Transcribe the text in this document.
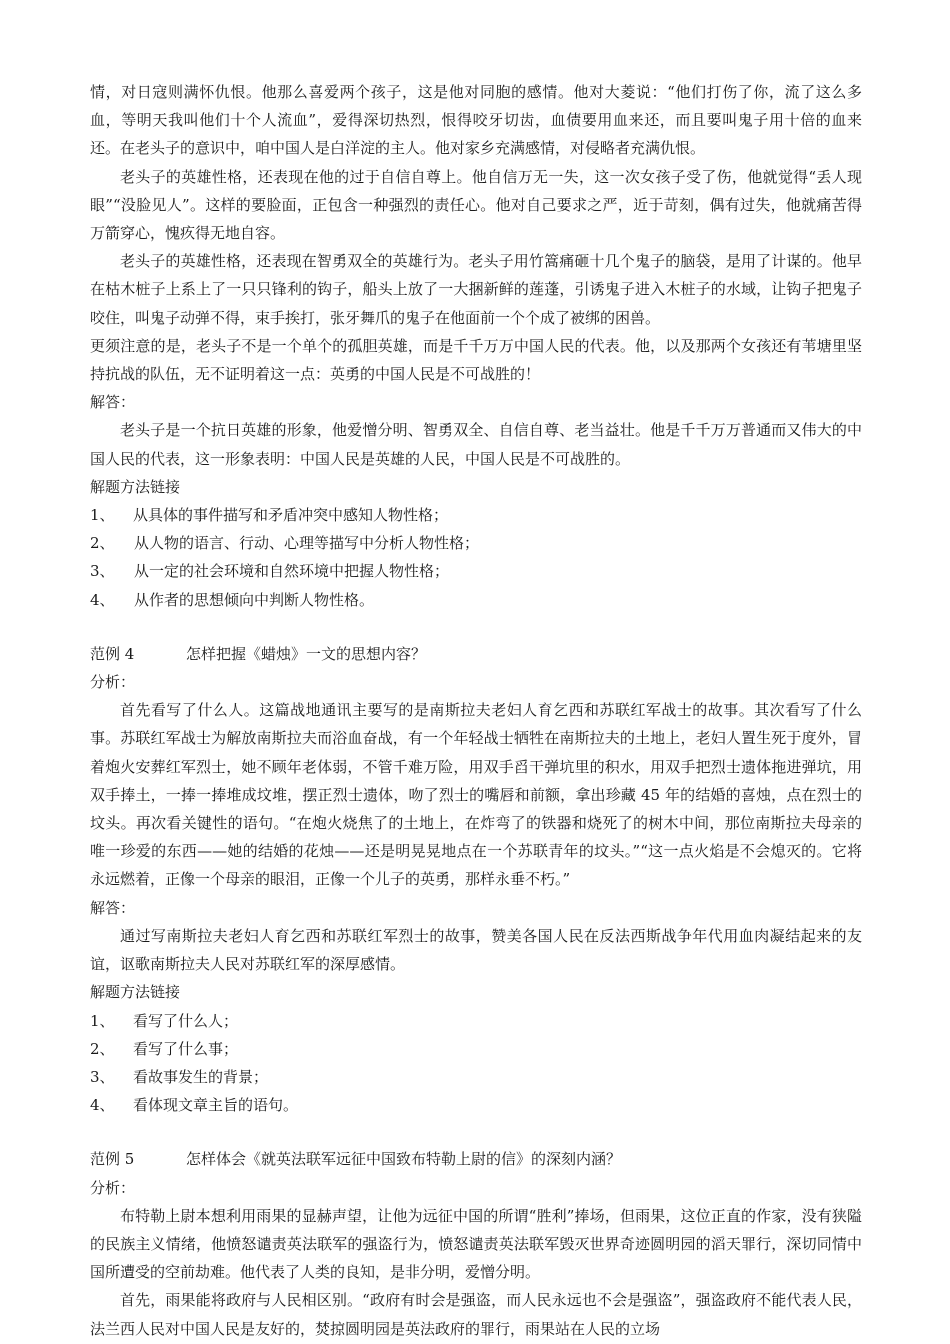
情，对日寇则满怀仇恨。他那么喜爱两个孩子，这是他对同胞的感情。他对大菱说：“他们打伤了你，流了这么多血，等明天我叫他们十个人流血”，爱得深切热烈，恨得咬牙切齿，血债要用血来还，而且要叫鬼子用十倍的血来还。在老头子的意识中，咱中国人是白洋淀的主人。他对家乡充满感情，对侵略者充满仇恨。

老头子的英雄性格，还表现在他的过于自信自尊上。他自信万无一失，这一次女孩子受了伤，他就觉得“丢人现眼”“没脸见人”。这样的要脸面，正包含一种强烈的责任心。他对自己要求之严，近于苛刻，偶有过失，他就痛苦得万箭穿心，愧疚得无地自容。

老头子的英雄性格，还表现在智勇双全的英雄行为。老头子用竹篙痛砸十几个鬼子的脑袋，是用了计谋的。他早在枯木桩子上系上了一只只锋利的钩子，船头上放了一大捆新鲜的莲蓬，引诱鬼子进入木桩子的水域，让钩子把鬼子咬住，叫鬼子动弹不得，束手挨打，张牙舞爪的鬼子在他面前一个个成了被绑的困兽。

更须注意的是，老头子不是一个单个的孤胆英雄，而是千千万万中国人民的代表。他，以及那两个女孩还有苇塘里坚持抗战的队伍，无不证明着这一点：英勇的中国人民是不可战胜的！

解答：

老头子是一个抗日英雄的形象，他爱憎分明、智勇双全、自信自尊、老当益壮。他是千千万万普通而又伟大的中国人民的代表，这一形象表明：中国人民是英雄的人民，中国人民是不可战胜的。

解题方法链接
1、	从具体的事件描写和矛盾冲突中感知人物性格；
2、	从人物的语言、行动、心理等描写中分析人物性格；
3、	从一定的社会环境和自然环境中把握人物性格；
4、	从作者的思想倾向中判断人物性格。
范例 4	怎样把握《蜡烛》一文的思想内容？
分析：

首先看写了什么人。这篇战地通讯主要写的是南斯拉夫老妇人育乞西和苏联红军战士的故事。其次看写了什么事。苏联红军战士为解放南斯拉夫而浴血奋战，有一个年轻战士牺牲在南斯拉夫的土地上，老妇人置生死于度外，冒着炮火安葬红军烈士，她不顾年老体弱，不管千难万险，用双手舀干弹坑里的积水，用双手把烈士遗体拖进弹坑，用双手捧土，一捧一捧堆成坟堆，摆正烈士遗体，吻了烈士的嘴唇和前额，拿出珍藏 45 年的结婚的喜烛，点在烈士的坟头。再次看关键性的语句。“在炮火烧焦了的土地上，在炸弯了的铁器和烧死了的树木中间，那位南斯拉夫母亲的唯一珍爱的东西——她的结婚的花烛——还是明晃晃地点在一个苏联青年的坟头。”“这一点火焰是不会熄灭的。它将永远燃着，正像一个母亲的眼泪，正像一个儿子的英勇，那样永垂不朽。”

解答：

通过写南斯拉夫老妇人育乞西和苏联红军烈士的故事，赞美各国人民在反法西斯战争年代用血肉凝结起来的友谊，讴歌南斯拉夫人民对苏联红军的深厚感情。

解题方法链接
1、	看写了什么人；
2、	看写了什么事；
3、	看故事发生的背景；
4、	看体现文章主旨的语句。
范例 5	怎样体会《就英法联军远征中国致布特勒上尉的信》的深刻内涵？
分析：

布特勒上尉本想利用雨果的显赫声望，让他为远征中国的所谓“胜利”捧场，但雨果，这位正直的作家，没有狭隘的民族主义情绪，他愤怒谴责英法联军的强盗行为，愤怒谴责英法联军毁灭世界奇迹圆明园的滔天罪行，深切同情中国所遭受的空前劫难。他代表了人类的良知，是非分明，爱憎分明。

首先，雨果能将政府与人民相区别。“政府有时会是强盗，而人民永远也不会是强盗”，强盗政府不能代表人民，法兰西人民对中国人民是友好的，焚掠圆明园是英法政府的罪行，雨果站在人民的立场
